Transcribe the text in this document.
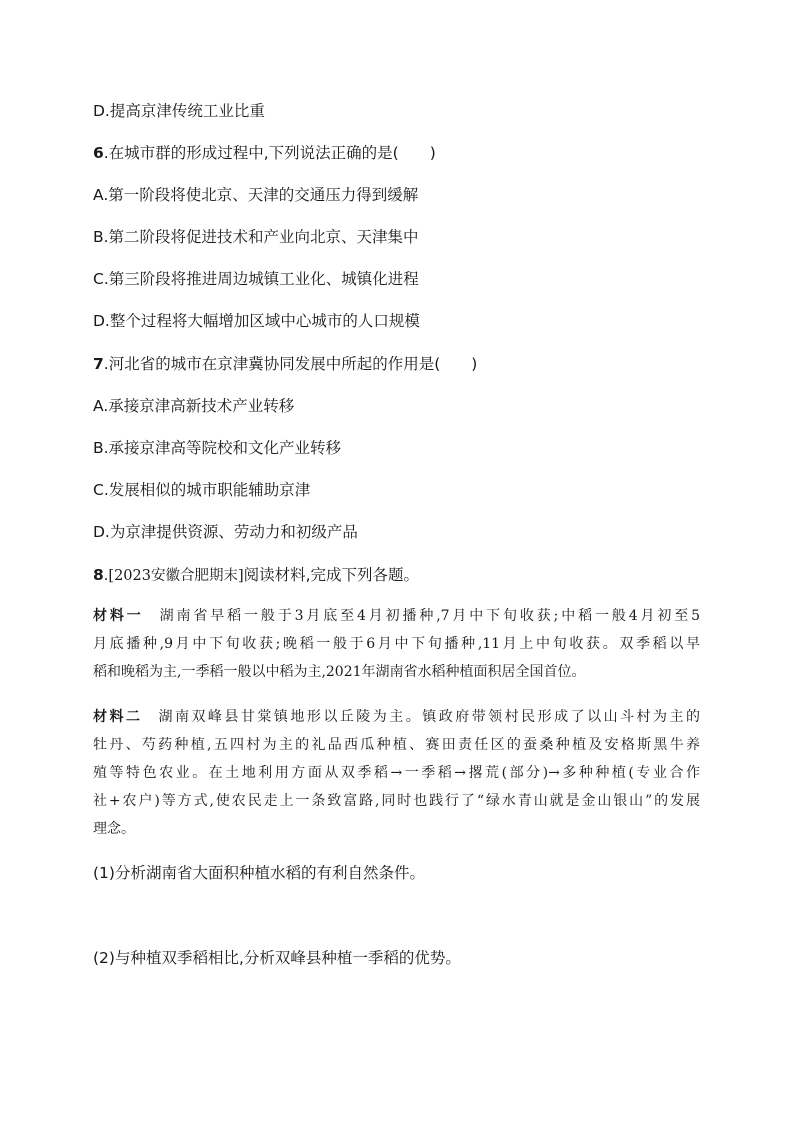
D.提高京津传统工业比重
6.在城市群的形成过程中,下列说法正确的是(　　)
A.第一阶段将使北京、天津的交通压力得到缓解
B.第二阶段将促进技术和产业向北京、天津集中
C.第三阶段将推进周边城镇工业化、城镇化进程
D.整个过程将大幅增加区域中心城市的人口规模
7.河北省的城市在京津冀协同发展中所起的作用是(　　)
A.承接京津高新技术产业转移
B.承接京津高等院校和文化产业转移
C.发展相似的城市职能辅助京津
D.为京津提供资源、劳动力和初级产品
8.[2023安徽合肥期末]阅读材料,完成下列各题。
材料一 湖南省早稻一般于3月底至4月初播种,7月中下旬收获;中稻一般4月初至5
月底播种,9月中下旬收获;晚稻一般于6月中下旬播种,11月上中旬收获。双季稻以早
稻和晚稻为主,一季稻一般以中稻为主,2021年湖南省水稻种植面积居全国首位。
材料二 湖南双峰县甘棠镇地形以丘陵为主。镇政府带领村民形成了以山斗村为主的
牡丹、芍药种植,五四村为主的礼品西瓜种植、赛田责任区的蚕桑种植及安格斯黑牛养
殖等特色农业。在土地利用方面从双季稻→一季稻→撂荒(部分)→多种种植(专业合作
社+农户)等方式,使农民走上一条致富路,同时也践行了“绿水青山就是金山银山”的发展
理念。
(1)分析湖南省大面积种植水稻的有利自然条件。
(2)与种植双季稻相比,分析双峰县种植一季稻的优势。
